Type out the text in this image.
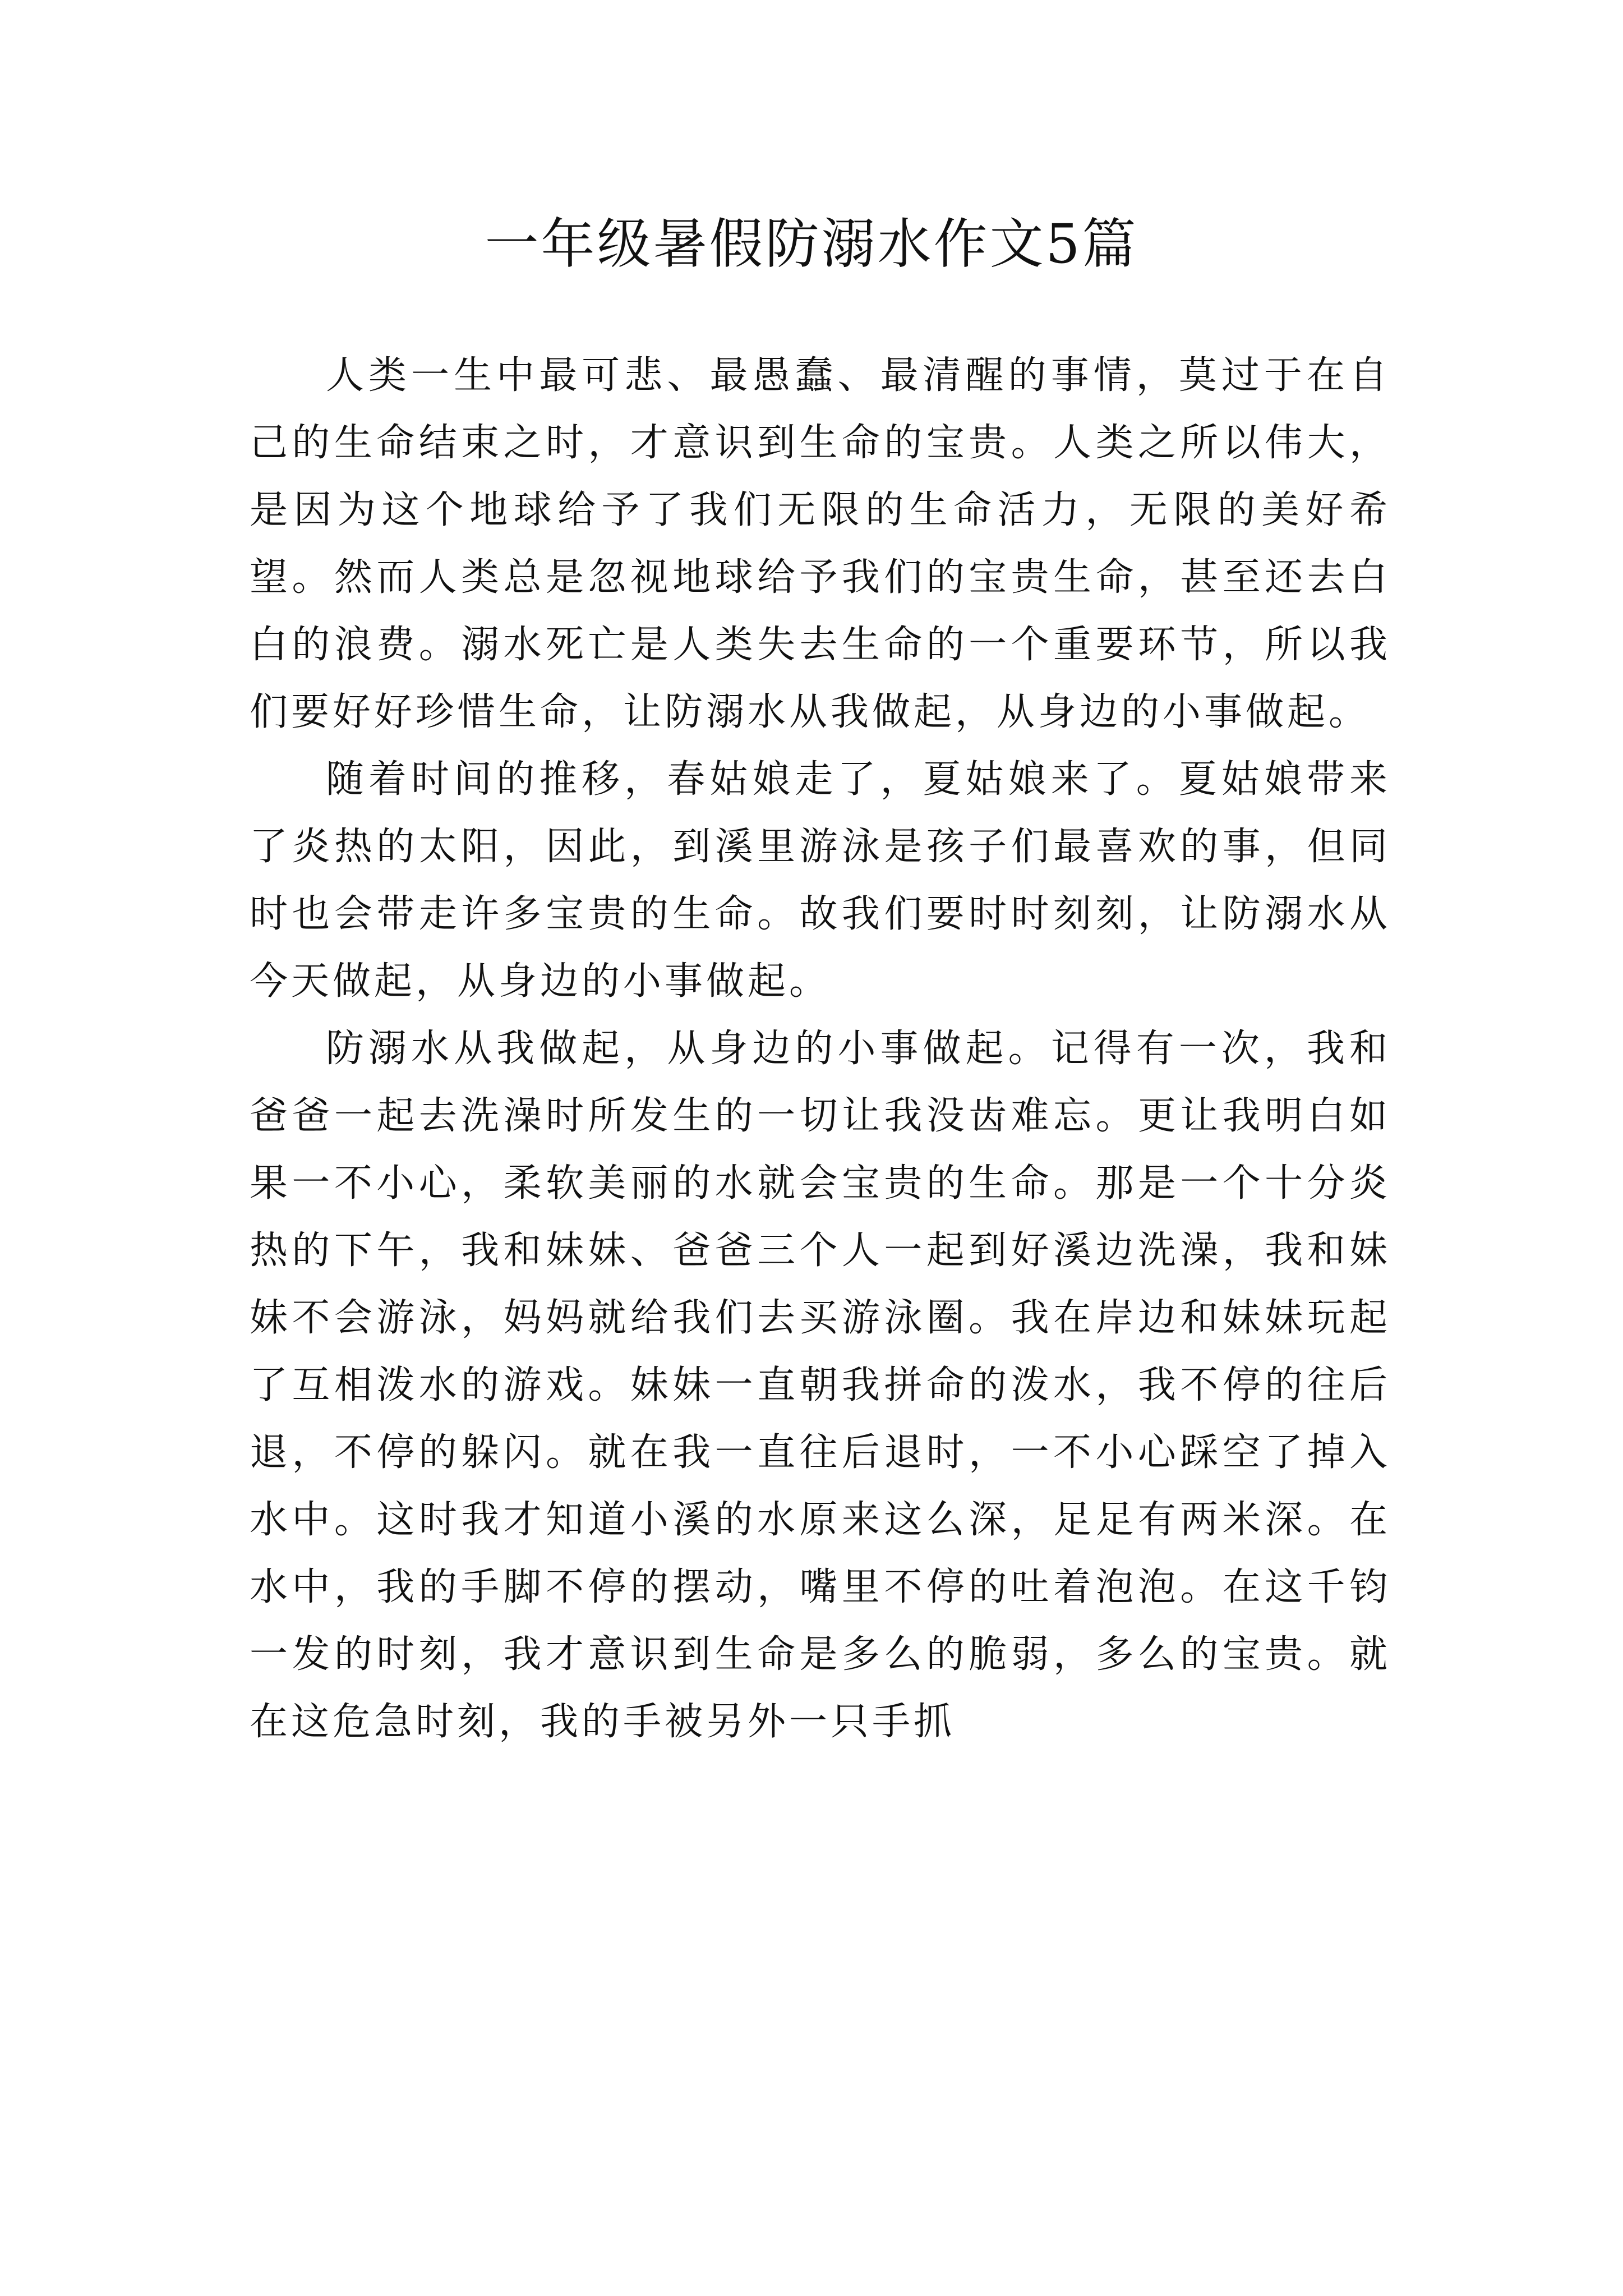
一年级暑假防溺水作文5篇

人类一生中最可悲、最愚蠢、最清醒的事情，莫过于在自己的生命结束之时，才意识到生命的宝贵。人类之所以伟大，是因为这个地球给予了我们无限的生命活力，无限的美好希望。然而人类总是忽视地球给予我们的宝贵生命，甚至还去白白的浪费。溺水死亡是人类失去生命的一个重要环节，所以我们要好好珍惜生命，让防溺水从我做起，从身边的小事做起。

随着时间的推移，春姑娘走了，夏姑娘来了。夏姑娘带来了炎热的太阳，因此，到溪里游泳是孩子们最喜欢的事，但同时也会带走许多宝贵的生命。故我们要时时刻刻，让防溺水从今天做起，从身边的小事做起。

防溺水从我做起，从身边的小事做起。记得有一次，我和爸爸一起去洗澡时所发生的一切让我没齿难忘。更让我明白如果一不小心，柔软美丽的水就会宝贵的生命。那是一个十分炎热的下午，我和妹妹、爸爸三个人一起到好溪边洗澡，我和妹妹不会游泳，妈妈就给我们去买游泳圈。我在岸边和妹妹玩起了互相泼水的游戏。妹妹一直朝我拼命的泼水，我不停的往后退，不停的躲闪。就在我一直往后退时，一不小心踩空了掉入水中。这时我才知道小溪的水原来这么深，足足有两米深。在水中，我的手脚不停的摆动，嘴里不停的吐着泡泡。在这千钧一发的时刻，我才意识到生命是多么的脆弱，多么的宝贵。就在这危急时刻，我的手被另外一只手抓
